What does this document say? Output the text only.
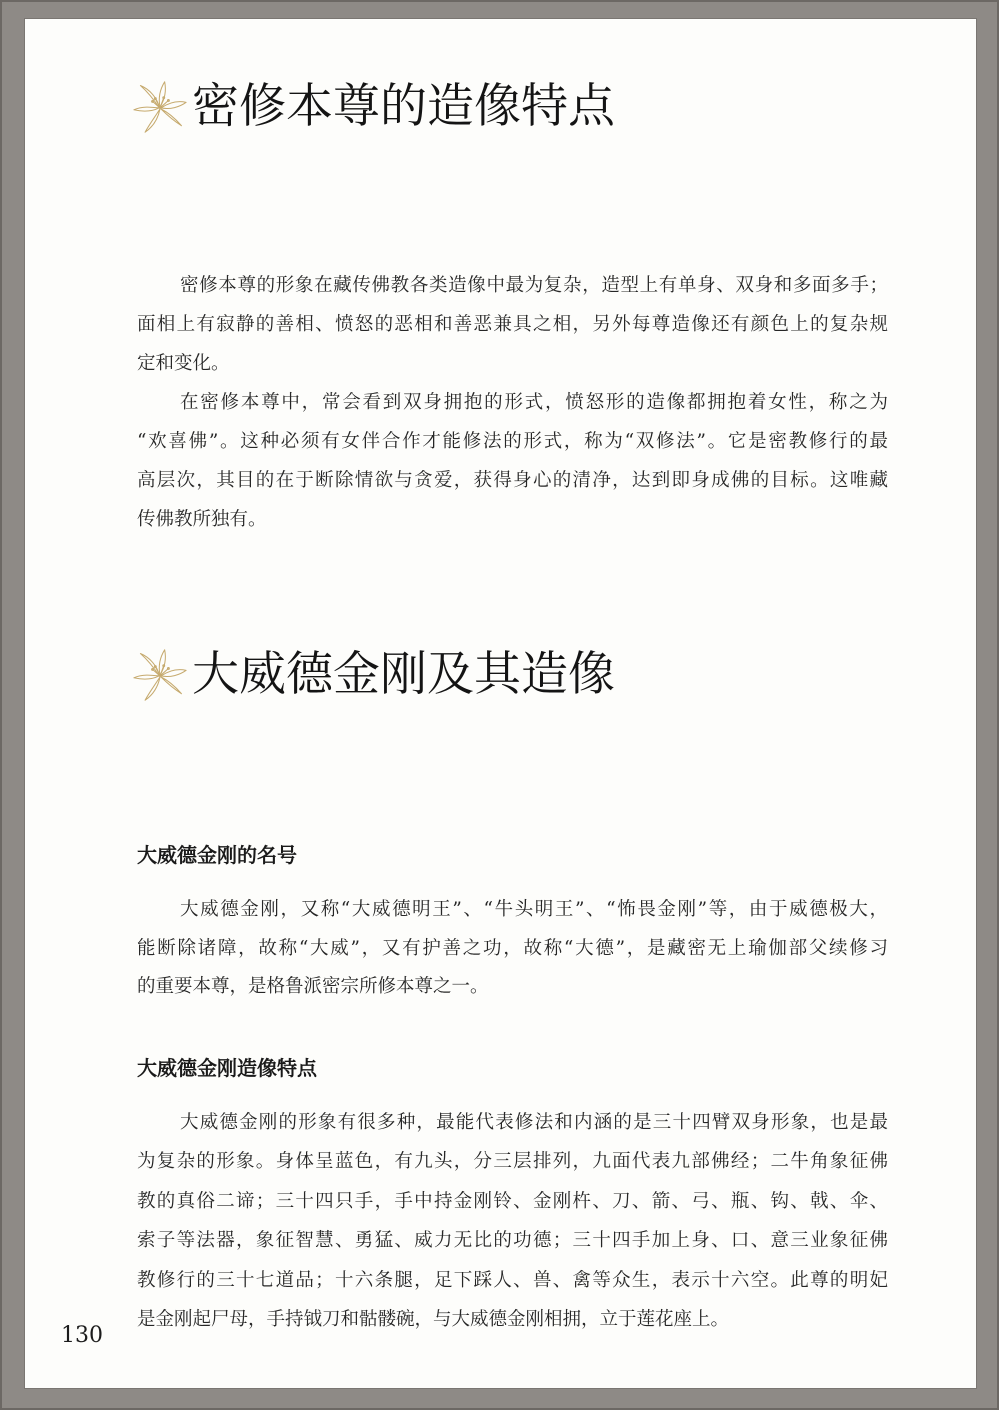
密修本尊的造像特点
密修本尊的形象在藏传佛教各类造像中最为复杂，造型上有单身、双身和多面多手；
面相上有寂静的善相、愤怒的恶相和善恶兼具之相，另外每尊造像还有颜色上的复杂规
定和变化。
在密修本尊中，常会看到双身拥抱的形式，愤怒形的造像都拥抱着女性，称之为
“欢喜佛”。这种必须有女伴合作才能修法的形式，称为“双修法”。它是密教修行的最
高层次，其目的在于断除情欲与贪爱，获得身心的清净，达到即身成佛的目标。这唯藏
传佛教所独有。
大威德金刚及其造像
大威德金刚的名号
大威德金刚，又称“大威德明王”、“牛头明王”、“怖畏金刚”等，由于威德极大，
能断除诸障，故称“大威”，又有护善之功，故称“大德”，是藏密无上瑜伽部父续修习
的重要本尊，是格鲁派密宗所修本尊之一。
大威德金刚造像特点
大威德金刚的形象有很多种，最能代表修法和内涵的是三十四臂双身形象，也是最
为复杂的形象。身体呈蓝色，有九头，分三层排列，九面代表九部佛经；二牛角象征佛
教的真俗二谛；三十四只手，手中持金刚铃、金刚杵、刀、箭、弓、瓶、钩、戟、伞、
索子等法器，象征智慧、勇猛、威力无比的功德；三十四手加上身、口、意三业象征佛
教修行的三十七道品；十六条腿，足下踩人、兽、禽等众生，表示十六空。此尊的明妃
是金刚起尸母，手持钺刀和骷髅碗，与大威德金刚相拥，立于莲花座上。
130
